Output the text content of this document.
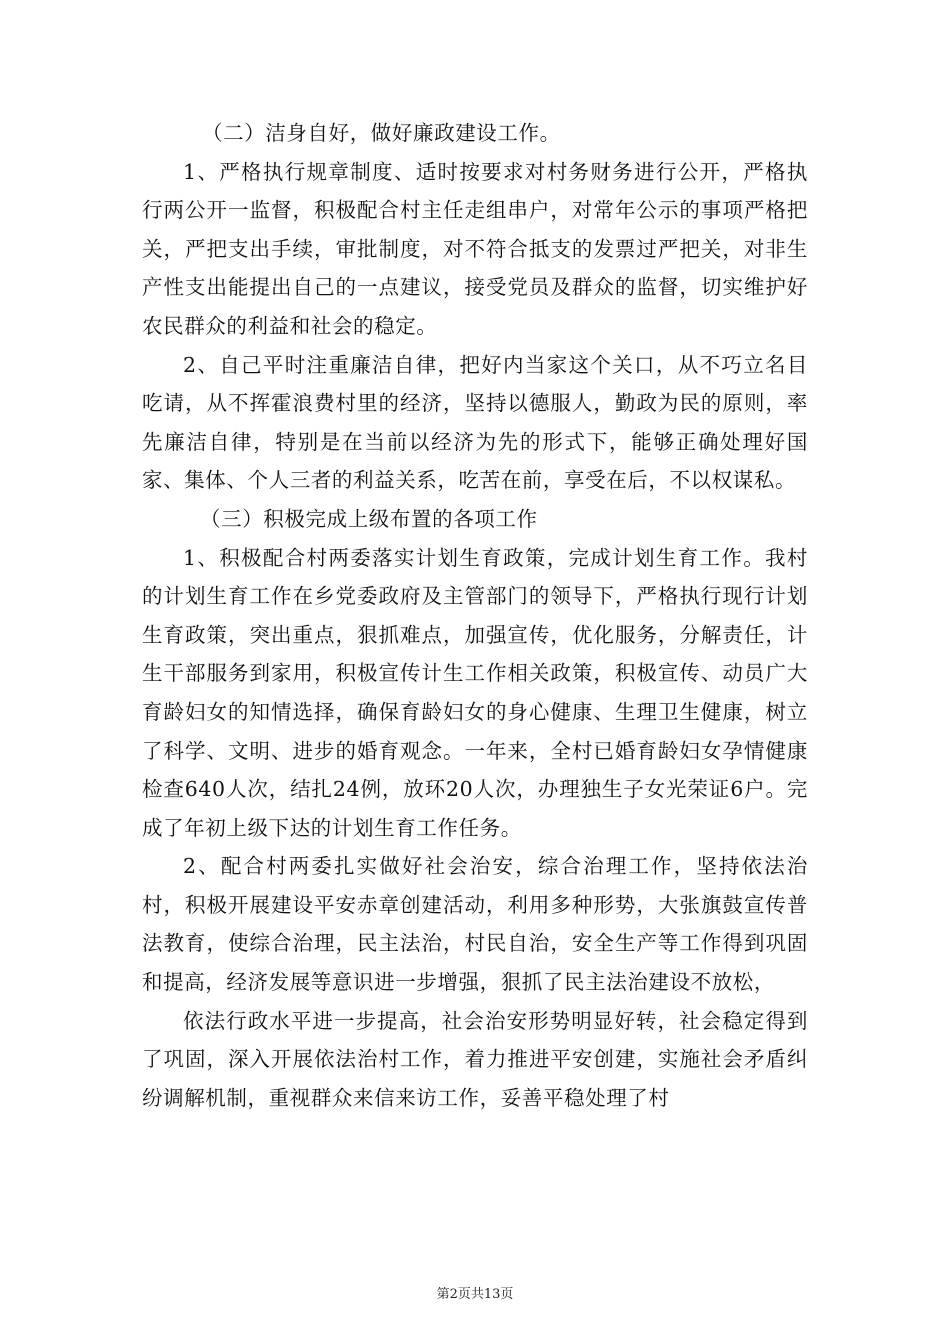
（二）洁身自好，做好廉政建设工作。

1、严格执行规章制度、适时按要求对村务财务进行公开，严格执行两公开一监督，积极配合村主任走组串户，对常年公示的事项严格把关，严把支出手续，审批制度，对不符合抵支的发票过严把关，对非生产性支出能提出自己的一点建议，接受党员及群众的监督，切实维护好农民群众的利益和社会的稳定。

2、自己平时注重廉洁自律，把好内当家这个关口，从不巧立名目吃请，从不挥霍浪费村里的经济，坚持以德服人，勤政为民的原则，率先廉洁自律，特别是在当前以经济为先的形式下，能够正确处理好国家、集体、个人三者的利益关系，吃苦在前，享受在后，不以权谋私。

（三）积极完成上级布置的各项工作

1、积极配合村两委落实计划生育政策，完成计划生育工作。我村的计划生育工作在乡党委政府及主管部门的领导下，严格执行现行计划生育政策，突出重点，狠抓难点，加强宣传，优化服务，分解责任，计生干部服务到家用，积极宣传计生工作相关政策，积极宣传、动员广大育龄妇女的知情选择，确保育龄妇女的身心健康、生理卫生健康，树立了科学、文明、进步的婚育观念。一年来，全村已婚育龄妇女孕情健康检查640人次，结扎24例，放环20人次，办理独生子女光荣证6户。完成了年初上级下达的计划生育工作任务。

2、配合村两委扎实做好社会治安，综合治理工作，坚持依法治村，积极开展建设平安赤章创建活动，利用多种形势，大张旗鼓宣传普法教育，使综合治理，民主法治，村民自治，安全生产等工作得到巩固和提高，经济发展等意识进一步增强，狠抓了民主法治建设不放松，

依法行政水平进一步提高，社会治安形势明显好转，社会稳定得到了巩固，深入开展依法治村工作，着力推进平安创建，实施社会矛盾纠纷调解机制，重视群众来信来访工作，妥善平稳处理了村

第2页共13页
